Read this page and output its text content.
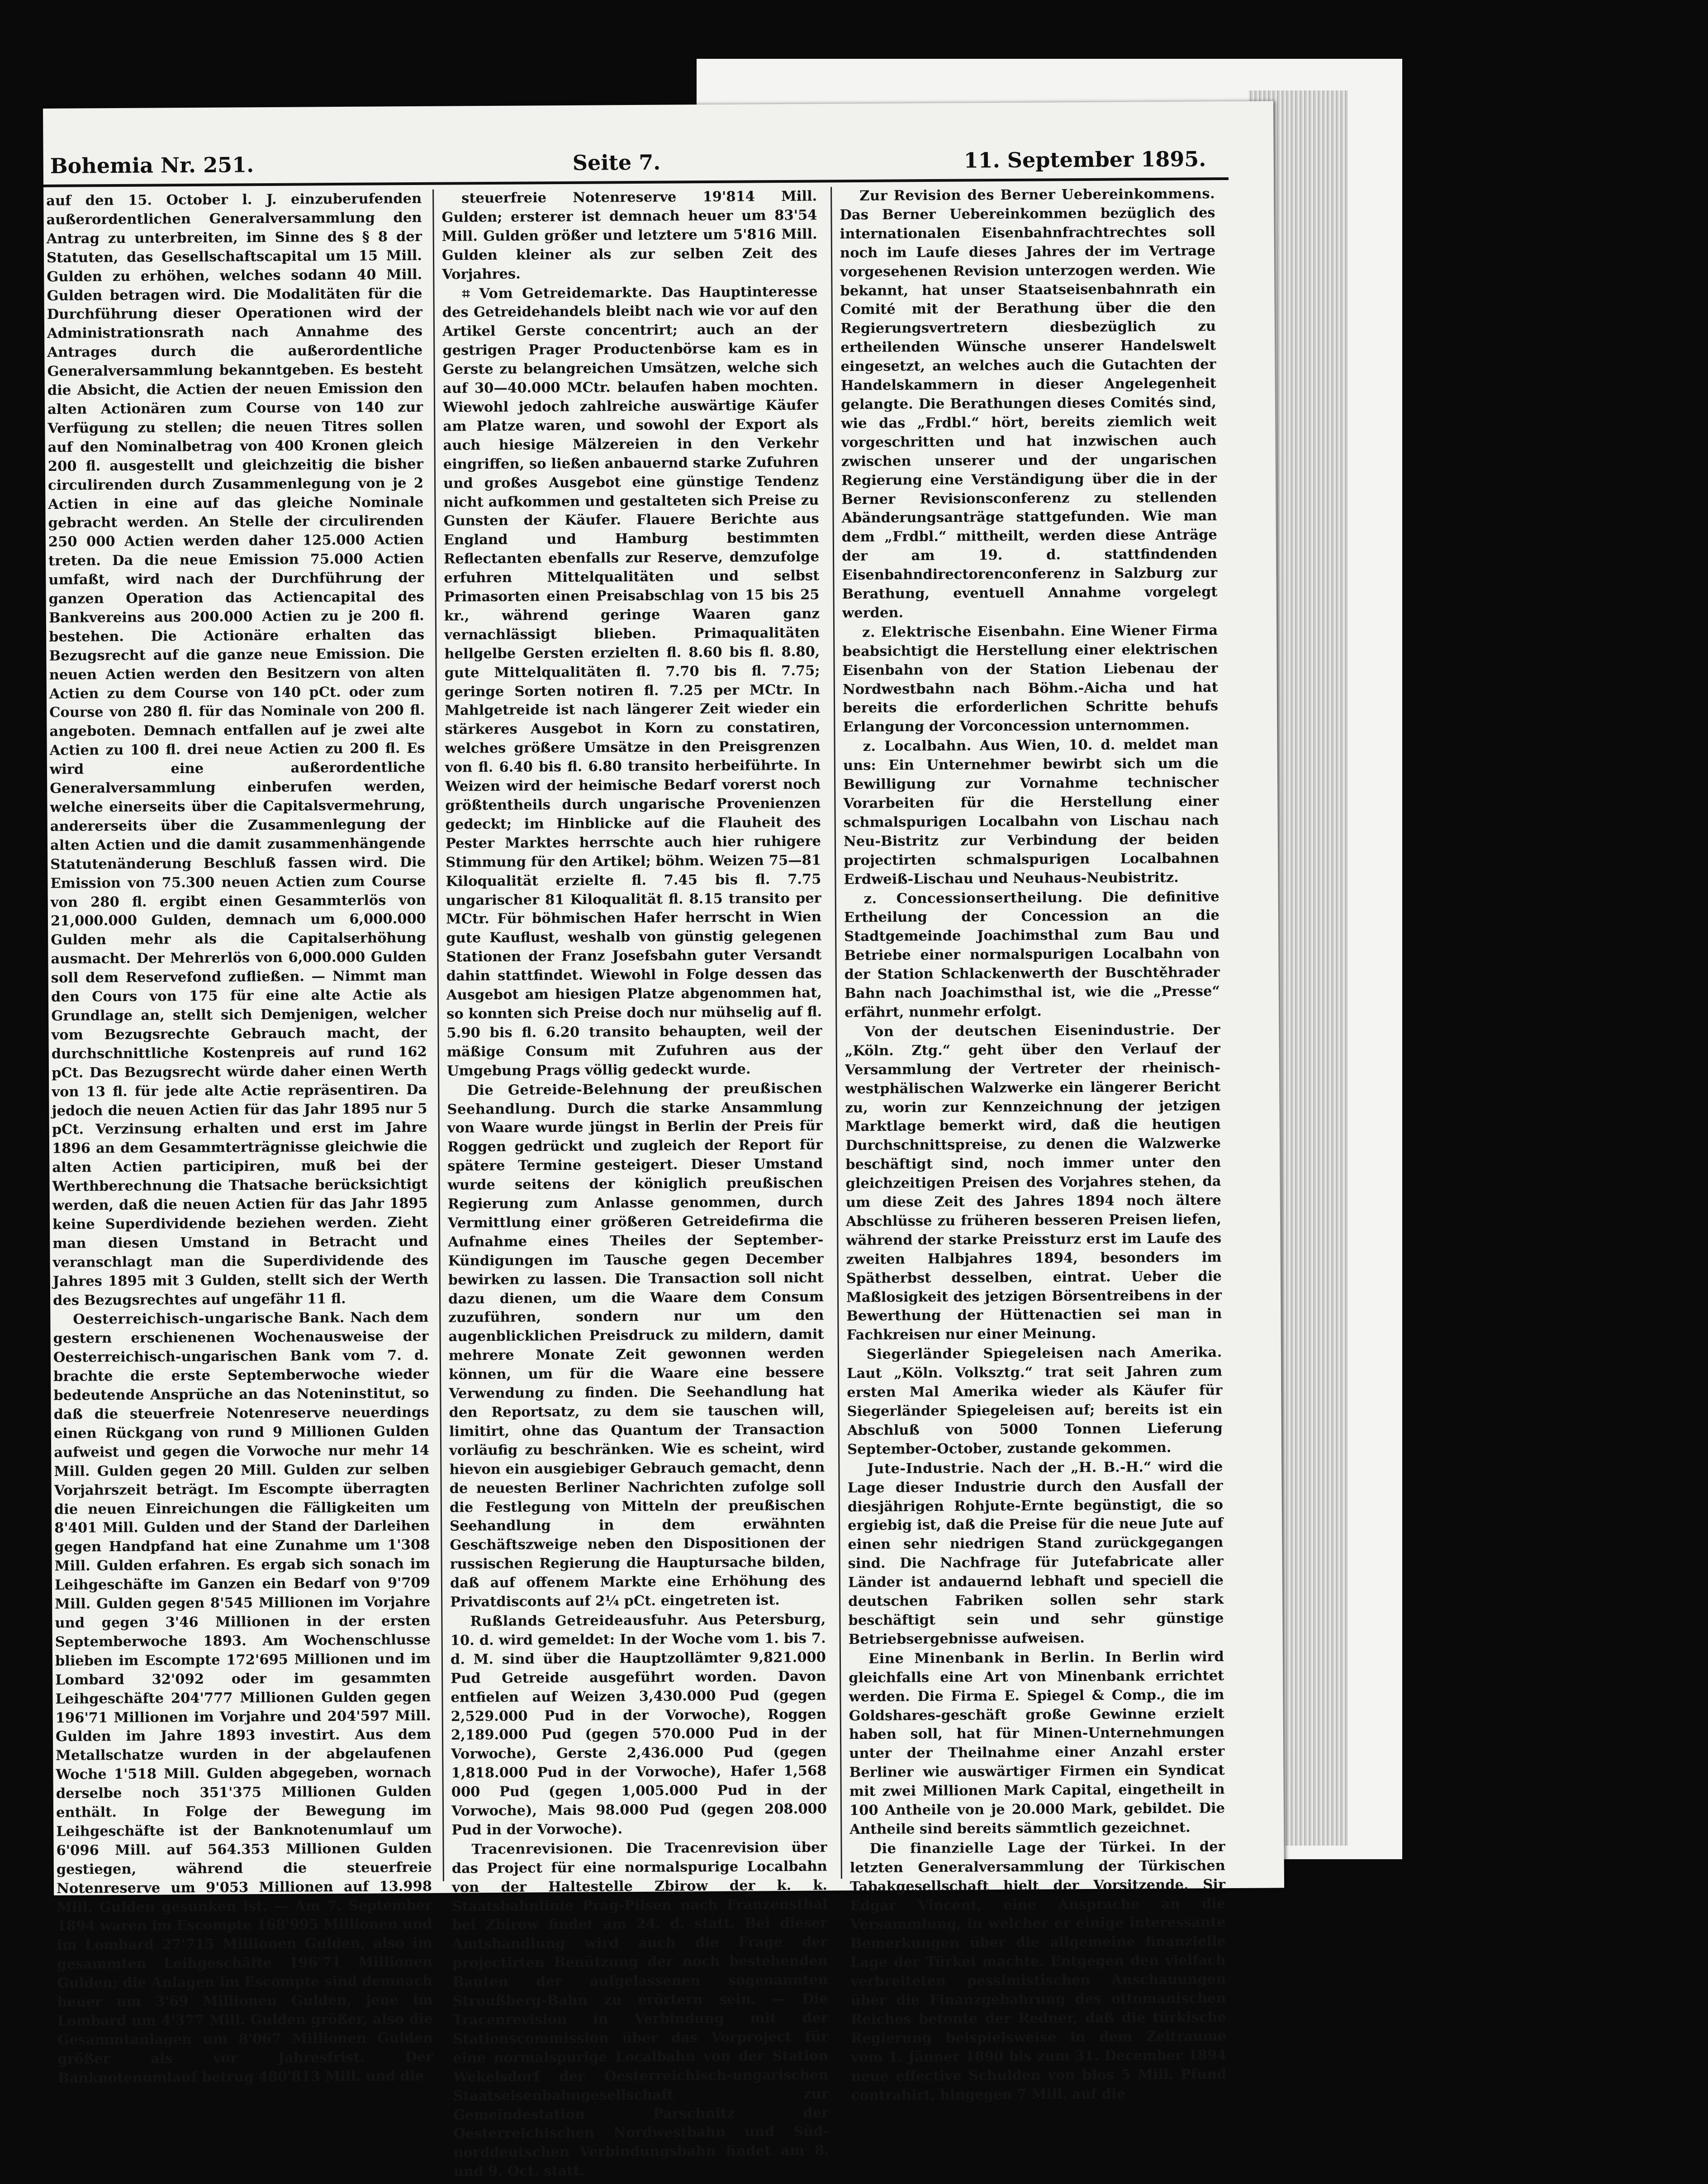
Bohemia Nr. 251.	Seite 7.	11. September 1895.

auf den 15. October l. J. einzuberufenden außerordentlichen Generalversammlung den Antrag zu unterbreiten, im Sinne des § 8 der Statuten, das Gesellschaftscapital um 15 Mill. Gulden zu erhöhen, welches sodann 40 Mill. Gulden betragen wird. Die Modalitäten für die Durchführung dieser Operationen wird der Administrationsrath nach Annahme des Antrages durch die außerordentliche Generalversammlung bekanntgeben. Es besteht die Absicht, die Actien der neuen Emission den alten Actionären zum Course von 140 zur Verfügung zu stellen; die neuen Titres sollen auf den Nominalbetrag von 400 Kronen gleich 200 fl. ausgestellt und gleichzeitig die bisher circulirenden durch Zusammenlegung von je 2 Actien in eine auf das gleiche Nominale gebracht werden. An Stelle der circulirenden 250 000 Actien werden daher 125.000 Actien treten. Da die neue Emission 75.000 Actien umfaßt, wird nach der Durchführung der ganzen Operation das Actiencapital des Bankvereins aus 200.000 Actien zu je 200 fl. bestehen. Die Actionäre erhalten das Bezugsrecht auf die ganze neue Emission. Die neuen Actien werden den Besitzern von alten Actien zu dem Course von 140 pCt. oder zum Course von 280 fl. für das Nominale von 200 fl. angeboten. Demnach entfallen auf je zwei alte Actien zu 100 fl. drei neue Actien zu 200 fl. Es wird eine außerordentliche Generalversammlung einberufen werden, welche einerseits über die Capitalsvermehrung, andererseits über die Zusammenlegung der alten Actien und die damit zusammenhängende Statutenänderung Beschluß fassen wird. Die Emission von 75.300 neuen Actien zum Course von 280 fl. ergibt einen Gesammterlös von 21,000.000 Gulden, demnach um 6,000.000 Gulden mehr als die Capitalserhöhung ausmacht. Der Mehrerlös von 6,000.000 Gulden soll dem Reservefond zufließen. — Nimmt man den Cours von 175 für eine alte Actie als Grundlage an, stellt sich Demjenigen, welcher vom Bezugsrechte Gebrauch macht, der durchschnittliche Kostenpreis auf rund 162 pCt. Das Bezugsrecht würde daher einen Werth von 13 fl. für jede alte Actie repräsentiren. Da jedoch die neuen Actien für das Jahr 1895 nur 5 pCt. Verzinsung erhalten und erst im Jahre 1896 an dem Gesammterträgnisse gleichwie die alten Actien participiren, muß bei der Werthberechnung die Thatsache berücksichtigt werden, daß die neuen Actien für das Jahr 1895 keine Superdividende beziehen werden. Zieht man diesen Umstand in Betracht und veranschlagt man die Superdividende des Jahres 1895 mit 3 Gulden, stellt sich der Werth des Bezugsrechtes auf ungefähr 11 fl.

Oesterreichisch-ungarische Bank. Nach dem gestern erschienenen Wochenausweise der Oesterreichisch-ungarischen Bank vom 7. d. brachte die erste Septemberwoche wieder bedeutende Ansprüche an das Noteninstitut, so daß die steuerfreie Notenreserve neuerdings einen Rückgang von rund 9 Millionen Gulden aufweist und gegen die Vorwoche nur mehr 14 Mill. Gulden gegen 20 Mill. Gulden zur selben Vorjahrszeit beträgt. Im Escompte überragten die neuen Einreichungen die Fälligkeiten um 8'401 Mill. Gulden und der Stand der Darleihen gegen Handpfand hat eine Zunahme um 1'308 Mill. Gulden erfahren. Es ergab sich sonach im Leihgeschäfte im Ganzen ein Bedarf von 9'709 Mill. Gulden gegen 8'545 Millionen im Vorjahre und gegen 3'46 Millionen in der ersten Septemberwoche 1893. Am Wochenschlusse blieben im Escompte 172'695 Millionen und im Lombard 32'092 oder im gesammten Leihgeschäfte 204'777 Millionen Gulden gegen 196'71 Millionen im Vorjahre und 204'597 Mill. Gulden im Jahre 1893 investirt. Aus dem Metallschatze wurden in der abgelaufenen Woche 1'518 Mill. Gulden abgegeben, wornach derselbe noch 351'375 Millionen Gulden enthält. In Folge der Bewegung im Leihgeschäfte ist der Banknotenumlauf um 6'096 Mill. auf 564.353 Millionen Gulden gestiegen, während die steuerfreie Notenreserve um 9'053 Millionen auf 13.998 Mill. Gulden gesunken ist. — Am 7. September 1894 waren im Escompte 168'995 Millionen und im Lombard 27'715 Millionen Gulden, also im gesammten Leihgeschäfte 196'71 Millionen Gulden; die Anlagen im Escompte sind demnach heuer um 3'69 Millionen Gulden, jene im Lombard um 4'377 Mill. Gulden größer, also die Gesammtanlagen um 8'067 Millionen Gulden größer als vor Jahresfrist. Der Banknotenumlauf betrug 480'813 Mill. und die

steuerfreie Notenreserve 19'814 Mill. Gulden; ersterer ist demnach heuer um 83'54 Mill. Gulden größer und letztere um 5'816 Mill. Gulden kleiner als zur selben Zeit des Vorjahres.

⌗ Vom Getreidemarkte. Das Hauptinteresse des Getreidehandels bleibt nach wie vor auf den Artikel Gerste concentrirt; auch an der gestrigen Prager Productenbörse kam es in Gerste zu belangreichen Umsätzen, welche sich auf 30—40.000 MCtr. belaufen haben mochten. Wiewohl jedoch zahlreiche auswärtige Käufer am Platze waren, und sowohl der Export als auch hiesige Mälzereien in den Verkehr eingriffen, so ließen anbauernd starke Zufuhren und großes Ausgebot eine günstige Tendenz nicht aufkommen und gestalteten sich Preise zu Gunsten der Käufer. Flauere Berichte aus England und Hamburg bestimmten Reflectanten ebenfalls zur Reserve, demzufolge erfuhren Mittelqualitäten und selbst Primasorten einen Preisabschlag von 15 bis 25 kr., während geringe Waaren ganz vernachlässigt blieben. Primaqualitäten hellgelbe Gersten erzielten fl. 8.60 bis fl. 8.80, gute Mittelqualitäten fl. 7.70 bis fl. 7.75; geringe Sorten notiren fl. 7.25 per MCtr. In Mahlgetreide ist nach längerer Zeit wieder ein stärkeres Ausgebot in Korn zu constatiren, welches größere Umsätze in den Preisgrenzen von fl. 6.40 bis fl. 6.80 transito herbeiführte. In Weizen wird der heimische Bedarf vorerst noch größtentheils durch ungarische Provenienzen gedeckt; im Hinblicke auf die Flauheit des Pester Marktes herrschte auch hier ruhigere Stimmung für den Artikel; böhm. Weizen 75—81 Kiloqualität erzielte fl. 7.45 bis fl. 7.75 ungarischer 81 Kiloqualität fl. 8.15 transito per MCtr. Für böhmischen Hafer herrscht in Wien gute Kauflust, weshalb von günstig gelegenen Stationen der Franz Josefsbahn guter Versandt dahin stattfindet. Wiewohl in Folge dessen das Ausgebot am hiesigen Platze abgenommen hat, so konnten sich Preise doch nur mühselig auf fl. 5.90 bis fl. 6.20 transito behaupten, weil der mäßige Consum mit Zufuhren aus der Umgebung Prags völlig gedeckt wurde.

Die Getreide-Belehnung der preußischen Seehandlung. Durch die starke Ansammlung von Waare wurde jüngst in Berlin der Preis für Roggen gedrückt und zugleich der Report für spätere Termine gesteigert. Dieser Umstand wurde seitens der königlich preußischen Regierung zum Anlasse genommen, durch Vermittlung einer größeren Getreidefirma die Aufnahme eines Theiles der September-Kündigungen im Tausche gegen December bewirken zu lassen. Die Transaction soll nicht dazu dienen, um die Waare dem Consum zuzuführen, sondern nur um den augenblicklichen Preisdruck zu mildern, damit mehrere Monate Zeit gewonnen werden können, um für die Waare eine bessere Verwendung zu finden. Die Seehandlung hat den Reportsatz, zu dem sie tauschen will, limitirt, ohne das Quantum der Transaction vorläufig zu beschränken. Wie es scheint, wird hievon ein ausgiebiger Gebrauch gemacht, denn de neuesten Berliner Nachrichten zufolge soll die Festlegung von Mitteln der preußischen Seehandlung in dem erwähnten Geschäftszweige neben den Dispositionen der russischen Regierung die Hauptursache bilden, daß auf offenem Markte eine Erhöhung des Privatdisconts auf 2¼ pCt. eingetreten ist.

Rußlands Getreideausfuhr. Aus Petersburg, 10. d. wird gemeldet: In der Woche vom 1. bis 7. d. M. sind über die Hauptzollämter 9,821.000 Pud Getreide ausgeführt worden. Davon entfielen auf Weizen 3,430.000 Pud (gegen 2,529.000 Pud in der Vorwoche), Roggen 2,189.000 Pud (gegen 570.000 Pud in der Vorwoche), Gerste 2,436.000 Pud (gegen 1,818.000 Pud in der Vorwoche), Hafer 1,568 000 Pud (gegen 1,005.000 Pud in der Vorwoche), Mais 98.000 Pud (gegen 208.000 Pud in der Vorwoche).

Tracenrevisionen. Die Tracenrevision über das Project für eine normalspurige Localbahn von der Haltestelle Zbirow der k. k. Staatsbahnlinie Prag-Pilsen nach Franzensthal bei Zbirow findet am 24. d. statt. Bei dieser Amtshandlung wird auch die Frage der projectirten Benützung der noch bestehenden Bauten der aufgelassenen sogenannten Stroußberg-Bahn zu erörtern sein. — Die Tracenrevision in Verbindung mit der Stationscommission über das Vorproject für eine normalspurige Localbahn von der Station Wekelsdorf der Oesterreichisch-ungarischen Staatseisenbahngesellschaft zur Gemeindestation Parschnitz der Oesterreichischen Nordwestbahn und Süd-norddeutschen Verbindungsbahn findet am 8. und 9. Oct. statt.

Zur Revision des Berner Uebereinkommens. Das Berner Uebereinkommen bezüglich des internationalen Eisenbahnfrachtrechtes soll noch im Laufe dieses Jahres der im Vertrage vorgesehenen Revision unterzogen werden. Wie bekannt, hat unser Staatseisenbahnrath ein Comité mit der Berathung über die den Regierungsvertretern diesbezüglich zu ertheilenden Wünsche unserer Handelswelt eingesetzt, an welches auch die Gutachten der Handelskammern in dieser Angelegenheit gelangte. Die Berathungen dieses Comités sind, wie das „Frdbl.“ hört, bereits ziemlich weit vorgeschritten und hat inzwischen auch zwischen unserer und der ungarischen Regierung eine Verständigung über die in der Berner Revisionsconferenz zu stellenden Abänderungsanträge stattgefunden. Wie man dem „Frdbl.“ mittheilt, werden diese Anträge der am 19. d. stattfindenden Eisenbahndirectorenconferenz in Salzburg zur Berathung, eventuell Annahme vorgelegt werden.

z. Elektrische Eisenbahn. Eine Wiener Firma beabsichtigt die Herstellung einer elektrischen Eisenbahn von der Station Liebenau der Nordwestbahn nach Böhm.-Aicha und hat bereits die erforderlichen Schritte behufs Erlangung der Vorconcession unternommen.

z. Localbahn. Aus Wien, 10. d. meldet man uns: Ein Unternehmer bewirbt sich um die Bewilligung zur Vornahme technischer Vorarbeiten für die Herstellung einer schmalspurigen Localbahn von Lischau nach Neu-Bistritz zur Verbindung der beiden projectirten schmalspurigen Localbahnen Erdweiß-Lischau und Neuhaus-Neubistritz.

z. Concessionsertheilung. Die definitive Ertheilung der Concession an die Stadtgemeinde Joachimsthal zum Bau und Betriebe einer normalspurigen Localbahn von der Station Schlackenwerth der Buschtěhrader Bahn nach Joachimsthal ist, wie die „Presse“ erfährt, nunmehr erfolgt.

Von der deutschen Eisenindustrie. Der „Köln. Ztg.“ geht über den Verlauf der Versammlung der Vertreter der rheinisch-westphälischen Walzwerke ein längerer Bericht zu, worin zur Kennzeichnung der jetzigen Marktlage bemerkt wird, daß die heutigen Durchschnittspreise, zu denen die Walzwerke beschäftigt sind, noch immer unter den gleichzeitigen Preisen des Vorjahres stehen, da um diese Zeit des Jahres 1894 noch ältere Abschlüsse zu früheren besseren Preisen liefen, während der starke Preissturz erst im Laufe des zweiten Halbjahres 1894, besonders im Spätherbst desselben, eintrat. Ueber die Maßlosigkeit des jetzigen Börsentreibens in der Bewerthung der Hüttenactien sei man in Fachkreisen nur einer Meinung.

Siegerländer Spiegeleisen nach Amerika. Laut „Köln. Volksztg.“ trat seit Jahren zum ersten Mal Amerika wieder als Käufer für Siegerländer Spiegeleisen auf; bereits ist ein Abschluß von 5000 Tonnen Lieferung September-October, zustande gekommen.

Jute-Industrie. Nach der „H. B.-H.“ wird die Lage dieser Industrie durch den Ausfall der diesjährigen Rohjute-Ernte begünstigt, die so ergiebig ist, daß die Preise für die neue Jute auf einen sehr niedrigen Stand zurückgegangen sind. Die Nachfrage für Jutefabricate aller Länder ist andauernd lebhaft und speciell die deutschen Fabriken sollen sehr stark beschäftigt sein und sehr günstige Betriebsergebnisse aufweisen.

Eine Minenbank in Berlin. In Berlin wird gleichfalls eine Art von Minenbank errichtet werden. Die Firma E. Spiegel & Comp., die im Goldshares-geschäft große Gewinne erzielt haben soll, hat für Minen-Unternehmungen unter der Theilnahme einer Anzahl erster Berliner wie auswärtiger Firmen ein Syndicat mit zwei Millionen Mark Capital, eingetheilt in 100 Antheile von je 20.000 Mark, gebildet. Die Antheile sind bereits sämmtlich gezeichnet.

Die finanzielle Lage der Türkei. In der letzten Generalversammlung der Türkischen Tabakgesellschaft hielt der Vorsitzende, Sir Edgar Vincent, eine Ansprache an die Versammlung, in welcher er einige interessante Bemerkungen über die allgemeine finanzielle Lage der Türkei machte. Entgegen den vielfach verbreiteten pessimistischen Anschauungen über die Finanzgebahrung des ottomanischen Reiches betonte der Redner, daß die türkische Regierung beispielsweise in dem Zeitraume vom 1. Jänner 1890 bis zum 31. December 1894 neue effective Schulden von blos 5 Mill. Pfund contrahirt, hingegen 7 Mill. auf die
